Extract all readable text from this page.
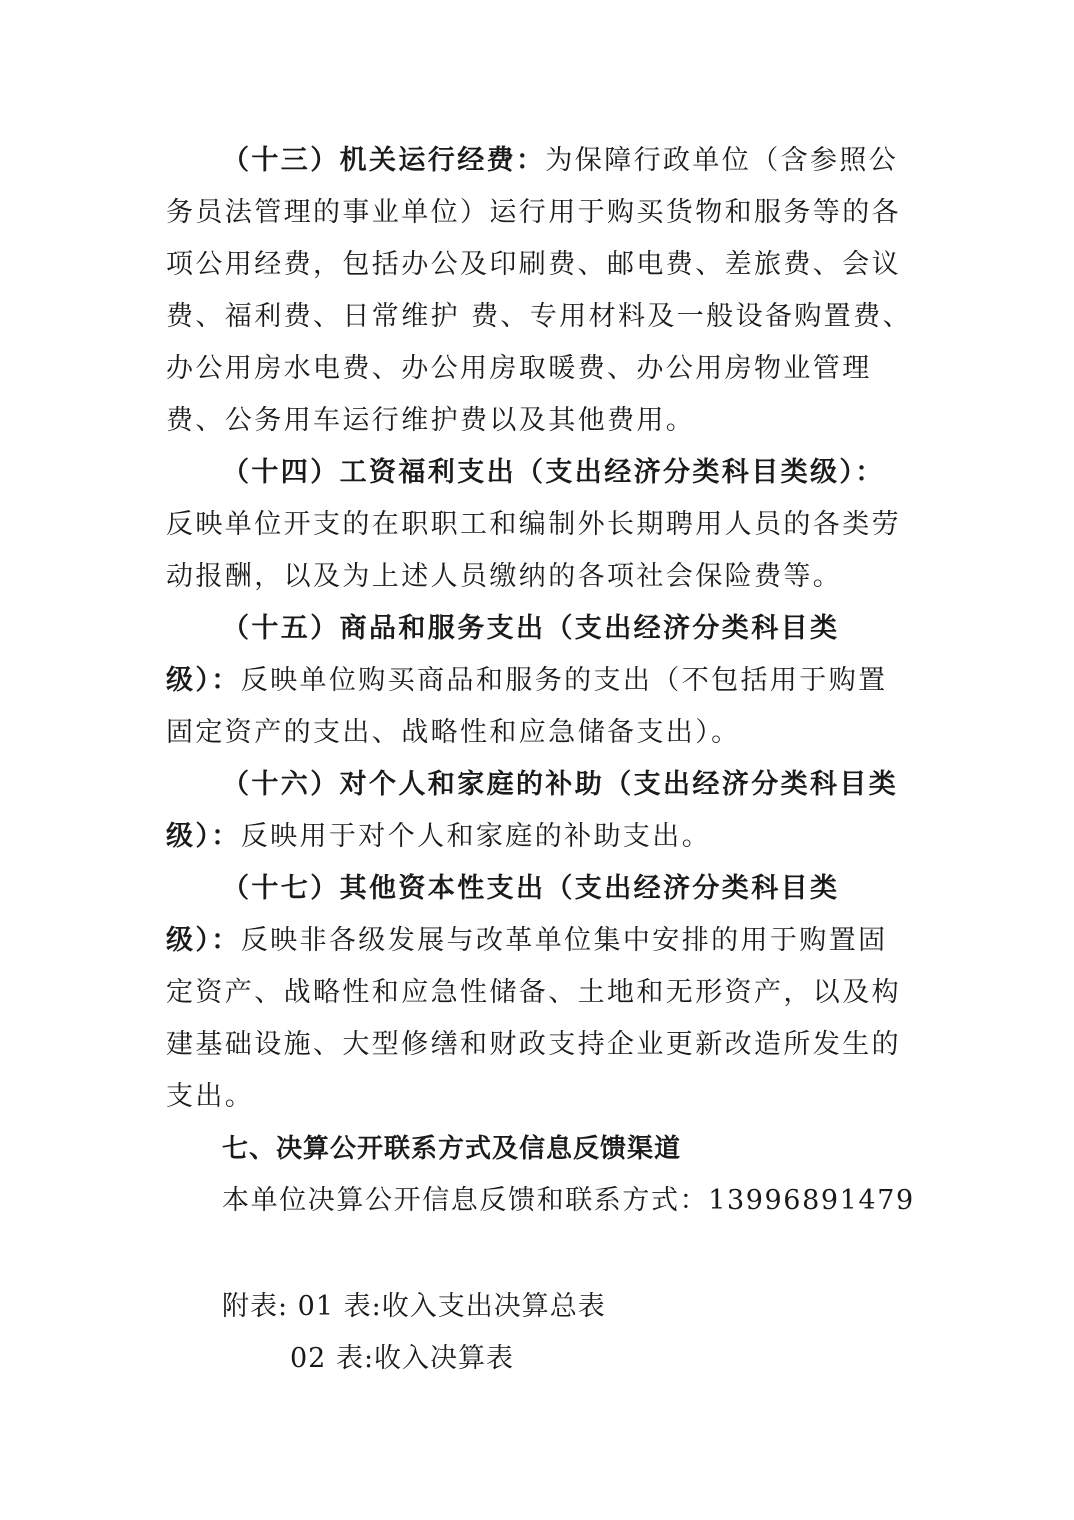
（十三）机关运行经费：为保障行政单位（含参照公
务员法管理的事业单位）运行用于购买货物和服务等的各
项公用经费，包括办公及印刷费、邮电费、差旅费、会议
费、福利费、日常维护 费、专用材料及一般设备购置费、
办公用房水电费、办公用房取暖费、办公用房物业管理
费、公务用车运行维护费以及其他费用。
（十四）工资福利支出（支出经济分类科目类级）：
反映单位开支的在职职工和编制外长期聘用人员的各类劳
动报酬，以及为上述人员缴纳的各项社会保险费等。
（十五）商品和服务支出（支出经济分类科目类
级）：反映单位购买商品和服务的支出（不包括用于购置
固定资产的支出、战略性和应急储备支出）。
（十六）对个人和家庭的补助（支出经济分类科目类
级）：反映用于对个人和家庭的补助支出。
（十七）其他资本性支出（支出经济分类科目类
级）：反映非各级发展与改革单位集中安排的用于购置固
定资产、战略性和应急性储备、土地和无形资产，以及构
建基础设施、大型修缮和财政支持企业更新改造所发生的
支出。
七、决算公开联系方式及信息反馈渠道
本单位决算公开信息反馈和联系方式：13996891479
附表: 01 表:收入支出决算总表
02 表:收入决算表
